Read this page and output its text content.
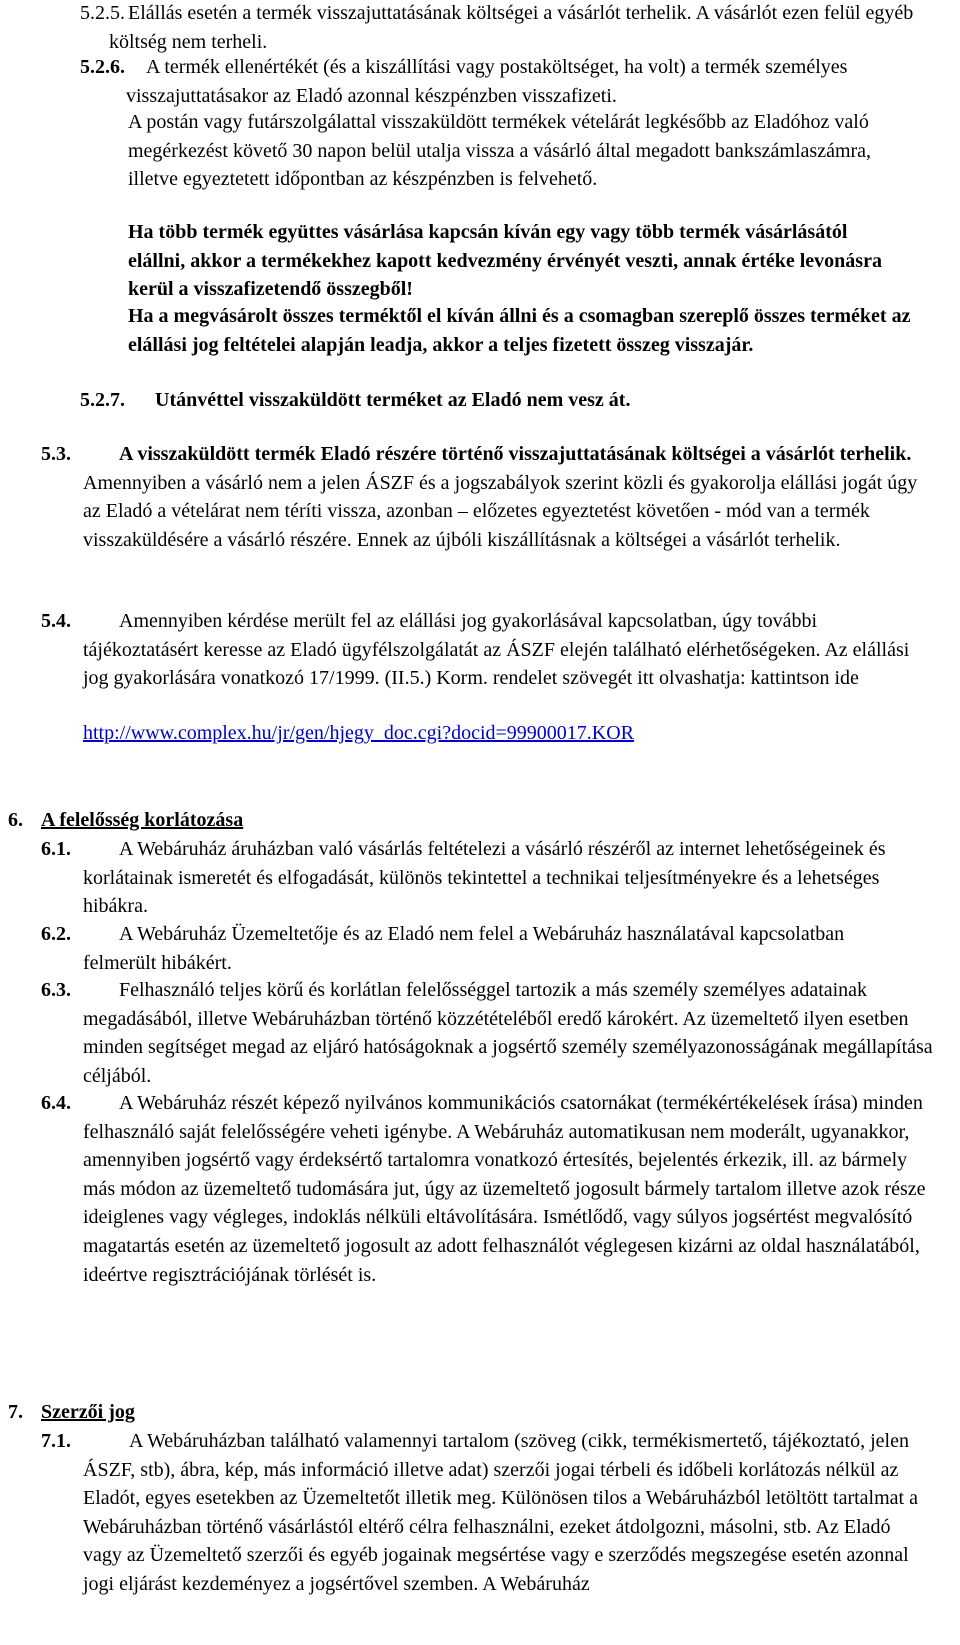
5.2.5. Elállás esetén a termék visszajuttatásának költségei a vásárlót terhelik. A vásárlót ezen felül egyéb költség nem terheli.

5.2.6.	A termék ellenértékét (és a kiszállítási vagy postaköltséget, ha volt) a termék személyes visszajuttatásakor az Eladó azonnal készpénzben visszafizeti.

A postán vagy futárszolgálattal visszaküldött termékek vételárát legkésőbb az Eladóhoz való megérkezést követő 30 napon belül utalja vissza a vásárló által megadott bankszámlaszámra, illetve egyeztetett időpontban az készpénzben is felvehető.

Ha több termék együttes vásárlása kapcsán kíván egy vagy több termék vásárlásától elállni, akkor a termékekhez kapott kedvezmény érvényét veszti, annak értéke levonásra kerül a visszafizetendő összegből!

Ha a megvásárolt összes terméktől el kíván állni és a csomagban szereplő összes terméket az elállási jog feltételei alapján leadja, akkor a teljes fizetett összeg visszajár.

5.2.7. Utánvéttel visszaküldött terméket az Eladó nem vesz át.

5.3.	A visszaküldött termék Eladó részére történő visszajuttatásának költségei a vásárlót terhelik. Amennyiben a vásárló nem a jelen ÁSZF és a jogszabályok szerint közli és gyakorolja elállási jogát úgy az Eladó a vételárat nem téríti vissza, azonban – előzetes egyeztetést követően - mód van a termék visszaküldésére a vásárló részére. Ennek az újbóli kiszállításnak a költségei a vásárlót terhelik.

5.4.	Amennyiben kérdése merült fel az elállási jog gyakorlásával kapcsolatban, úgy további tájékoztatásért keresse az Eladó ügyfélszolgálatát az ÁSZF elején található elérhetőségeken. Az elállási jog gyakorlására vonatkozó 17/1999. (II.5.) Korm. rendelet szövegét itt olvashatja: kattintson ide

http://www.complex.hu/jr/gen/hjegy_doc.cgi?docid=99900017.KOR
6. A felelősség korlátozása
6.1.	A Webáruház áruházban való vásárlás feltételezi a vásárló részéről az internet lehetőségeinek és korlátainak ismeretét és elfogadását, különös tekintettel a technikai teljesítményekre és a lehetséges hibákra.

6.2.	A Webáruház Üzemeltetője és az Eladó nem felel a Webáruház használatával kapcsolatban felmerült hibákért.

6.3.	Felhasználó teljes körű és korlátlan felelősséggel tartozik a más személy személyes adatainak megadásából, illetve Webáruházban történő közzétételéből eredő károkért. Az üzemeltető ilyen esetben minden segítséget megad az eljáró hatóságoknak a jogsértő személy személyazonosságának megállapítása céljából.

6.4.	A Webáruház részét képező nyilvános kommunikációs csatornákat (termékértékelések írása) minden felhasználó saját felelősségére veheti igénybe. A Webáruház automatikusan nem moderált, ugyanakkor, amennyiben jogsértő vagy érdeksértő tartalomra vonatkozó értesítés, bejelentés érkezik, ill. az bármely más módon az üzemeltető tudomására jut, úgy az üzemeltető jogosult bármely tartalom illetve azok része ideiglenes vagy végleges, indoklás nélküli eltávolítására. Ismétlődő, vagy súlyos jogsértést megvalósító magatartás esetén az üzemeltető jogosult az adott felhasználót véglegesen kizárni az oldal használatából, ideértve regisztrációjának törlését is.

7. Szerzői jog
7.1.	A Webáruházban található valamennyi tartalom (szöveg (cikk, termékismertető, tájékoztató, jelen ÁSZF, stb), ábra, kép, más információ illetve adat) szerzői jogai térbeli és időbeli korlátozás nélkül az Eladót, egyes esetekben az Üzemeltetőt illetik meg. Különösen tilos a Webáruházból letöltött tartalmat a Webáruházban történő vásárlástól eltérő célra felhasználni, ezeket átdolgozni, másolni, stb. Az Eladó vagy az Üzemeltető szerzői és egyéb jogainak megsértése vagy e szerződés megszegése esetén azonnal jogi eljárást kezdeményez a jogsértővel szemben. A Webáruház
